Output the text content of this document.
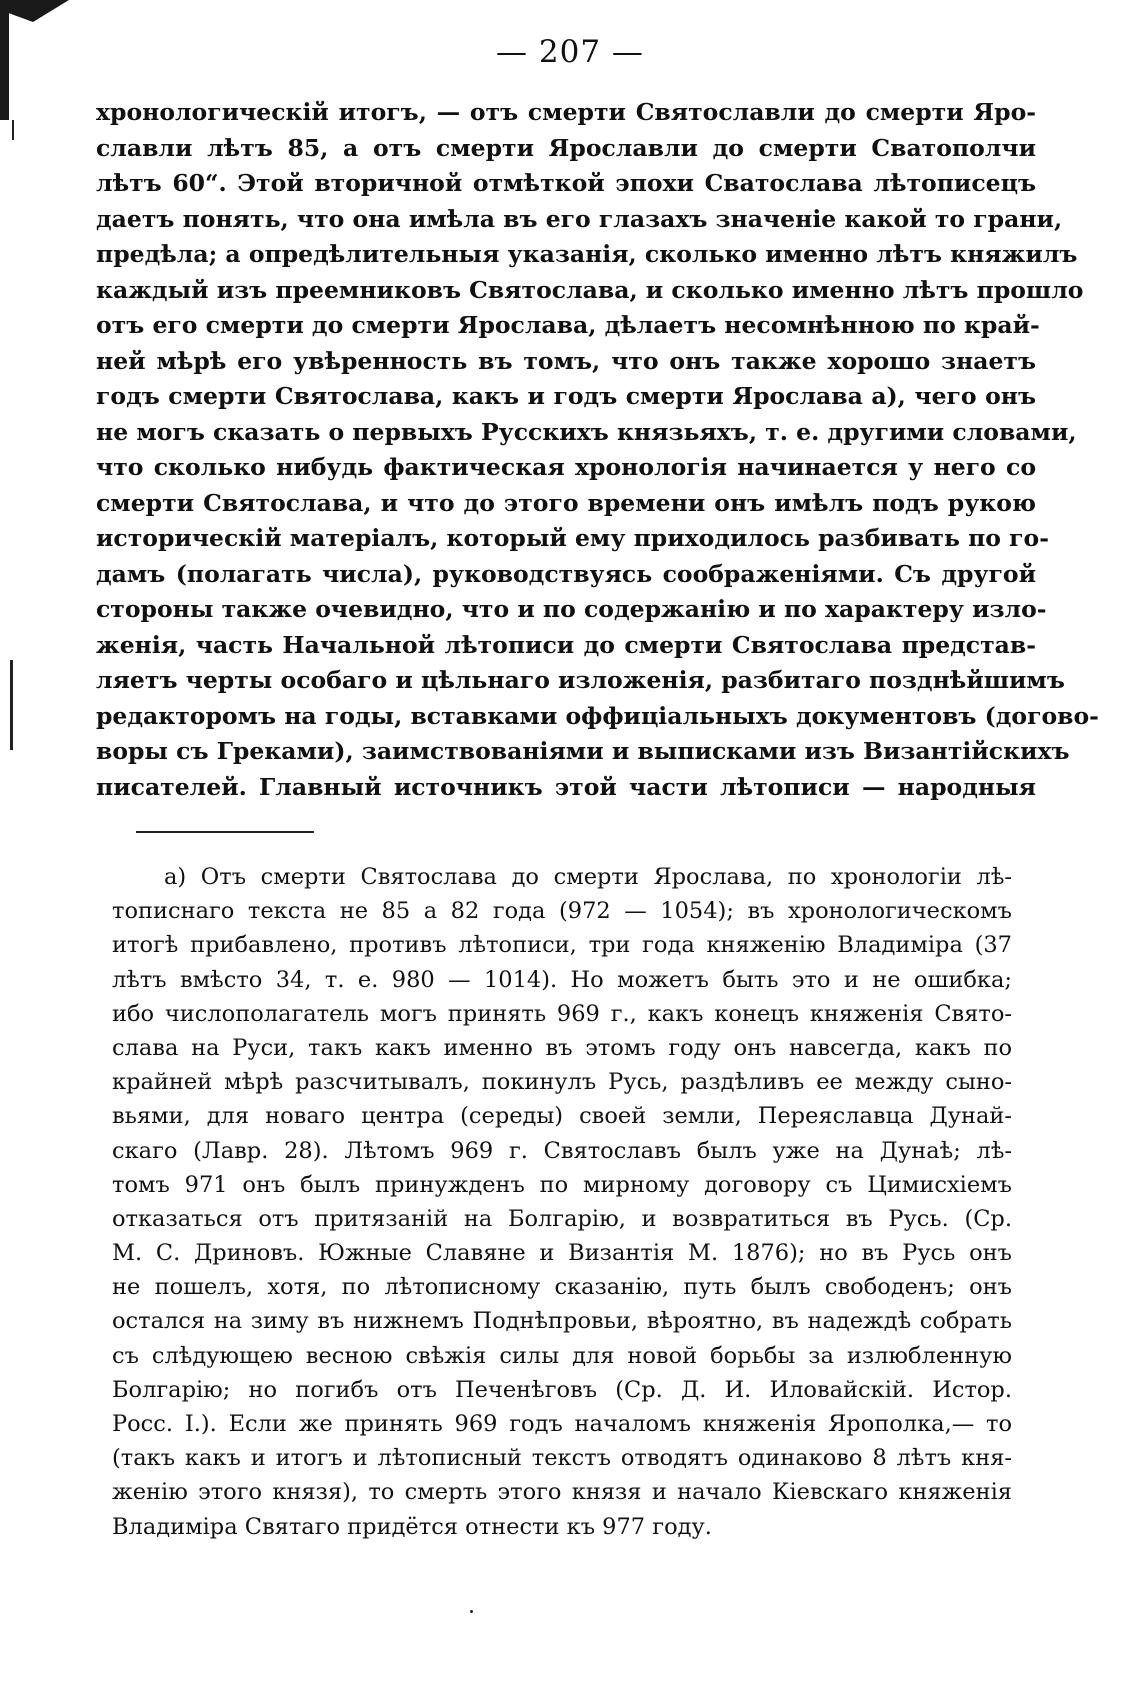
— 207 —
хронологическій итогъ, — отъ смерти Святославли до смерти Яро-
славли лѣтъ 85, а отъ смерти Ярославли до смерти Сватополчи
лѣтъ 60“. Этой вторичной отмѣткой эпохи Сватослава лѣтописецъ
даетъ понять, что она имѣла въ его глазахъ значеніе какой то грани,
предѣла; а опредѣлительныя указанія, сколько именно лѣтъ княжилъ
каждый изъ преемниковъ Святослава, и сколько именно лѣтъ прошло
отъ его смерти до смерти Ярослава, дѣлаетъ несомнѣнною по край-
ней мѣрѣ его увѣренность въ томъ, что онъ также хорошо знаетъ
годъ смерти Святослава, какъ и годъ смерти Ярослава а), чего онъ
не могъ сказать о первыхъ Русскихъ князьяхъ, т. е. другими словами,
что сколько нибудь фактическая хронологія начинается у него со
смерти Святослава, и что до этого времени онъ имѣлъ подъ рукою
историческій матеріалъ, который ему приходилось разбивать по го-
дамъ (полагать числа), руководствуясь соображеніями. Съ другой
стороны также очевидно, что и по содержанію и по характеру изло-
женія, часть Начальной лѣтописи до смерти Святослава представ-
ляетъ черты особаго и цѣльнаго изложенія, разбитаго позднѣйшимъ
редакторомъ на годы, вставками оффиціальныхъ документовъ (догово-
воры съ Греками), заимствованіями и выписками изъ Византійскихъ
писателей. Главный источникъ этой части лѣтописи — народныя
а) Отъ смерти Святослава до смерти Ярослава, по хронологіи лѣ-
тописнаго текста не 85 а 82 года (972 — 1054); въ хронологическомъ
итогѣ прибавлено, противъ лѣтописи, три года княженію Владиміра (37
лѣтъ вмѣсто 34, т. е. 980 — 1014). Но можетъ быть это и не ошибка;
ибо числополагатель могъ принять 969 г., какъ конецъ княженія Свято-
слава на Руси, такъ какъ именно въ этомъ году онъ навсегда, какъ по
крайней мѣрѣ разсчитывалъ, покинулъ Русь, раздѣливъ ее между сыно-
вьями, для новаго центра (середы) своей земли, Переяславца Дунай-
скаго (Лавр. 28). Лѣтомъ 969 г. Святославъ былъ уже на Дунаѣ; лѣ-
томъ 971 онъ былъ принужденъ по мирному договору съ Цимисхіемъ
отказаться отъ притязаній на Болгарію, и возвратиться въ Русь. (Ср.
М. С. Дриновъ. Южные Славяне и Византія М. 1876); но въ Русь онъ
не пошелъ, хотя, по лѣтописному сказанію, путь былъ свободенъ; онъ
остался на зиму въ нижнемъ Поднѣпровьи, вѣроятно, въ надеждѣ собрать
съ слѣдующею весною свѣжія силы для новой борьбы за излюбленную
Болгарію; но погибъ отъ Печенѣговъ (Ср. Д. И. Иловайскій. Истор.
Росс. I.). Если же принять 969 годъ началомъ княженія Ярополка,— то
(такъ какъ и итогъ и лѣтописный текстъ отводятъ одинаково 8 лѣтъ кня-
женію этого князя), то смерть этого князя и начало Кіевскаго княженія
Владиміра Святаго придётся отнести къ 977 году.
